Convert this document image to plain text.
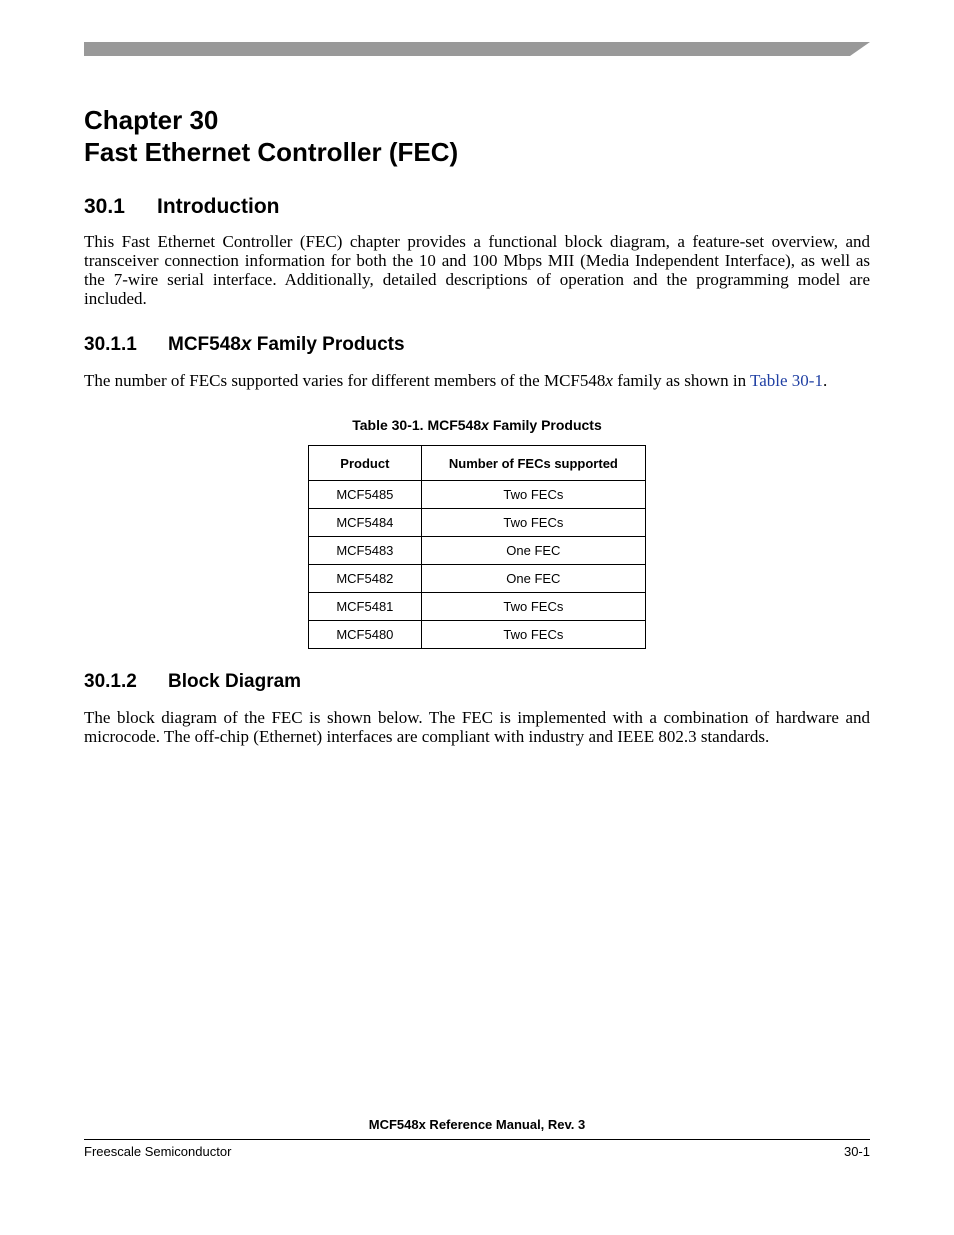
Chapter 30
Fast Ethernet Controller (FEC)
30.1 Introduction

This Fast Ethernet Controller (FEC) chapter provides a functional block diagram, a feature-set overview, and transceiver connection information for both the 10 and 100 Mbps MII (Media Independent Interface), as well as the 7-wire serial interface. Additionally, detailed descriptions of operation and the programming model are included.

30.1.1 MCF548x Family Products

The number of FECs supported varies for different members of the MCF548x family as shown in Table 30-1.

Table 30-1. MCF548x Family Products

Product	Number of FECs supported
MCF5485	Two FECs
MCF5484	Two FECs
MCF5483	One FEC
MCF5482	One FEC
MCF5481	Two FECs
MCF5480	Two FECs
30.1.2 Block Diagram

The block diagram of the FEC is shown below. The FEC is implemented with a combination of hardware and microcode. The off-chip (Ethernet) interfaces are compliant with industry and IEEE 802.3 standards.

MCF548x Reference Manual, Rev. 3
Freescale Semiconductor	30-1
